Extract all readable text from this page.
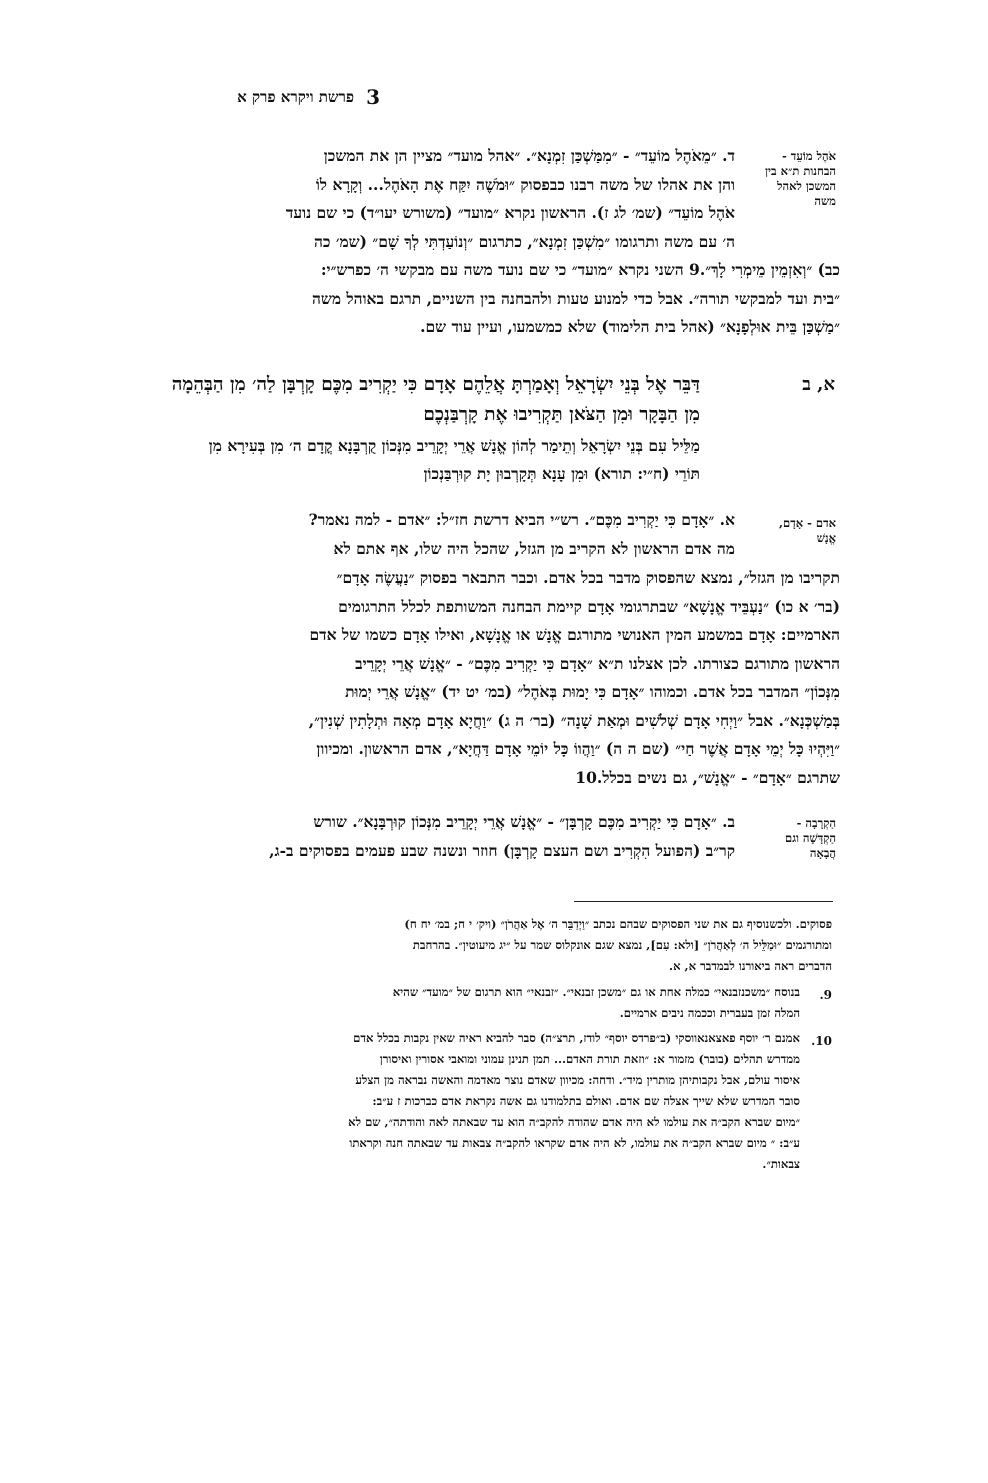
3
פרשת ויקרא פרק א
אֹהֶל מוֹעֵד -
הבחנות ת״א בין
המשכן לאהל
משה
ד. ״מֵאֹהֶל מוֹעֵד״ - ״מִמַּשְׁכַּן זִמְנָא״. ״אהל מועד״ מציין הן את המשכן
והן את אהלו של משה רבנו כבפסוק ״וּמֹשֶׁה יִקַּח אֶת הָאֹהֶל... וְקָרָא לוֹ
אֹהֶל מוֹעֵד״ (שמ׳ לג ז). הראשון נקרא ״מועד״ (משורש יעו״ד) כי שם נועד
ה׳ עם משה ותרגומו ״מִשְׁכַּן זִמְנָא״, כתרגום ״וְנוֹעַדְתִּי לְךָ שָׁם״ (שמ׳ כה
כב) ״וְאִזְמֵין מֵימְרִי לָךְ״.9 השני נקרא ״מועד״ כי שם נועד משה עם מבקשי ה׳ כפרש״י:
״בית ועד למבקשי תורה״. אבל כדי למנוע טעות ולהבחנה בין השניים, תרגם באוהל משה
״מַשְׁכַּן בֵּית אוּלְפָנָא״ (אהל בית הלימוד) שלא כמשמעו, ועיין עוד שם.
א, ב
דַּבֵּר אֶל בְּנֵי יִשְׂרָאֵל וְאָמַרְתָּ אֲלֵהֶם אָדָם כִּי יַקְרִיב מִכֶּם קָרְבָּן לַה׳ מִן הַבְּהֵמָה
מִן הַבָּקָר וּמִן הַצֹּאן תַּקְרִיבוּ אֶת קָרְבַּנְכֶם
מַלֵּיל עִם בְּנֵי יִשְׂרָאֵל וְתֵימַר לְהוֹן אֱנָשׁ אֲרֵי יְקָרֵיב מִנְּכוֹן קֻרְבָּנָא קֳדָם ה׳ מִן בְּעִירָא מִן
תּוֹרֵי (ח״י: תורא) וּמִן עָנָא תְּקָרְבוּן יָת קוּרְבַּנְכוֹן
אדם - אָדָם,
אֱנָשׁ
א. ״אָדָם כִּי יַקְרִיב מִכֶּם״. רש״י הביא דרשת חז״ל: ״אדם - למה נאמר?
מה אדם הראשון לא הקריב מן הגזל, שהכל היה שלו, אף אתם לא
תקריבו מן הגזל״, נמצא שהפסוק מדבר בכל אדם. וכבר התבאר בפסוק ״נַעֲשֶׂה אָדָם״
(בר׳ א כו) ״נַעְבֵּיד אֱנָשָׁא״ שבתרגומי אָדָם קיימת הבחנה המשותפת לכלל התרגומים
הארמיים: אָדָם במשמע המין האנושי מתורגם אֱנָשׁ או אֱנָשָׁא, ואילו אָדָם כשמו של אדם
הראשון מתורגם כצורתו. לכן אצלנו ת״א ״אָדָם כִּי יַקְרִיב מִכֶּם״ - ״אֱנָשׁ אֲרֵי יְקָרֵיב
מִנְּכוֹן״ המדבר בכל אדם. וכמוהו ״אָדָם כִּי יָמוּת בְּאֹהֶל״ (במ׳ יט יד) ״אֱנָשׁ אֲרֵי יְמוּת
בְּמַשְׁכְּנָא״. אבל ״וַיְחִי אָדָם שְׁלֹשִׁים וּמְאַת שָׁנָה״ (בר׳ ה ג) ״וַחֲיָא אָדָם מְאָה וּתְלָתִין שְׁנִין״,
״וַיִּהְיוּ כָּל יְמֵי אָדָם אֲשֶׁר חַי״ (שם ה ה) ״וַהֲווֹ כָּל יוֹמֵי אָדָם דַּחֲיָא״, אדם הראשון. ומכיוון
שתרגם ״אָדָם״ - ״אֱנָשׁ״, גם נשים בכלל.10
הַקְרָבָה -
הַקְדָּשָׁה וגם
הֲבָאָה
ב. ״אָדָם כִּי יַקְרִיב מִכֶּם קָרְבָּן״ - ״אֱנָשׁ אֲרֵי יְקָרֵיב מִנְּכוֹן קוּרְבָּנָא״. שורש
קר״ב (הפועל הִקְרִיב ושם העצם קָרְבָּן) חוזר ונשנה שבע פעמים בפסוקים ב-ג,
פסוקים. ולכשנוסיף גם את שני הפסוקים שבהם נכתב ״וַיְדַבֵּר ה׳ אֶל אַהֲרֹן״ (ויק׳ י ח; במ׳ יח ח)
ומתורגמים ״וּמַלֵּיל ה׳ לְאַהֲרֹן״ [ולא: עִם], נמצא שגם אונקלוס שמר על ״יג מיעוטין״. בהרחבת
הדברים ראה ביאורנו לבמדבר א, א.
9.
בנוסח ״משכנזבנאי״ כמלה אחת או גם ״משכן זבנאי״. ״זבנאי״ הוא תרגום של ״מועד״ שהיא
המלה זמן בעברית וככמה ניבים ארמיים.
10.
אמנם ר׳ יוסף פאצאנאווסקי (ב״פרדס יוסף״ לודז, תרצ״ה) סבר להביא ראיה שאין נקבות בכלל אדם
ממדרש תהלים (בובר) מזמור א: ״וזאת תורת האדם... תמן תנינן עמוני ומואבי אסורין ואיסורן
איסור עולם, אבל נקבותיהן מותרין מיד״. ודחה: מכיוון שאדם נוצר מאדמה והאשה נבראה מן הצלע
סובר המדרש שלא שייך אצלה שם אדם. ואולם בתלמודנו גם אשה נקראת אדם כברכות ז ע״ב:
״מיום שברא הקב״ה את עולמו לא היה אדם שהודה להקב״ה הוא עד שבאתה לאה והודתה״, שם לא
ע״ב: ״ מיום שברא הקב״ה את עולמו, לא היה אדם שקראו להקב״ה צבאות עד שבאתה חנה וקראתו
צבאות״.
